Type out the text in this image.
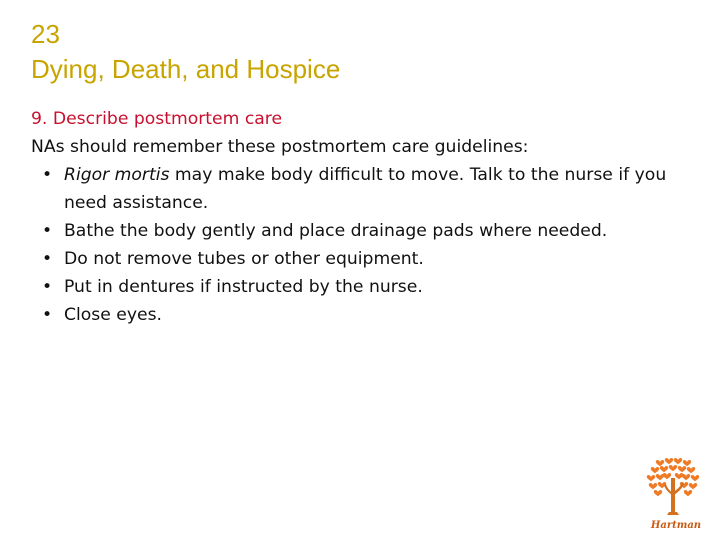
23
Dying, Death, and Hospice
9. Describe postmortem care
NAs should remember these postmortem care guidelines:
• Rigor mortis may make body difficult to move. Talk to the nurse if you need assistance.
• Bathe the body gently and place drainage pads where needed.
• Do not remove tubes or other equipment.
• Put in dentures if instructed by the nurse.
• Close eyes.
Hartman
